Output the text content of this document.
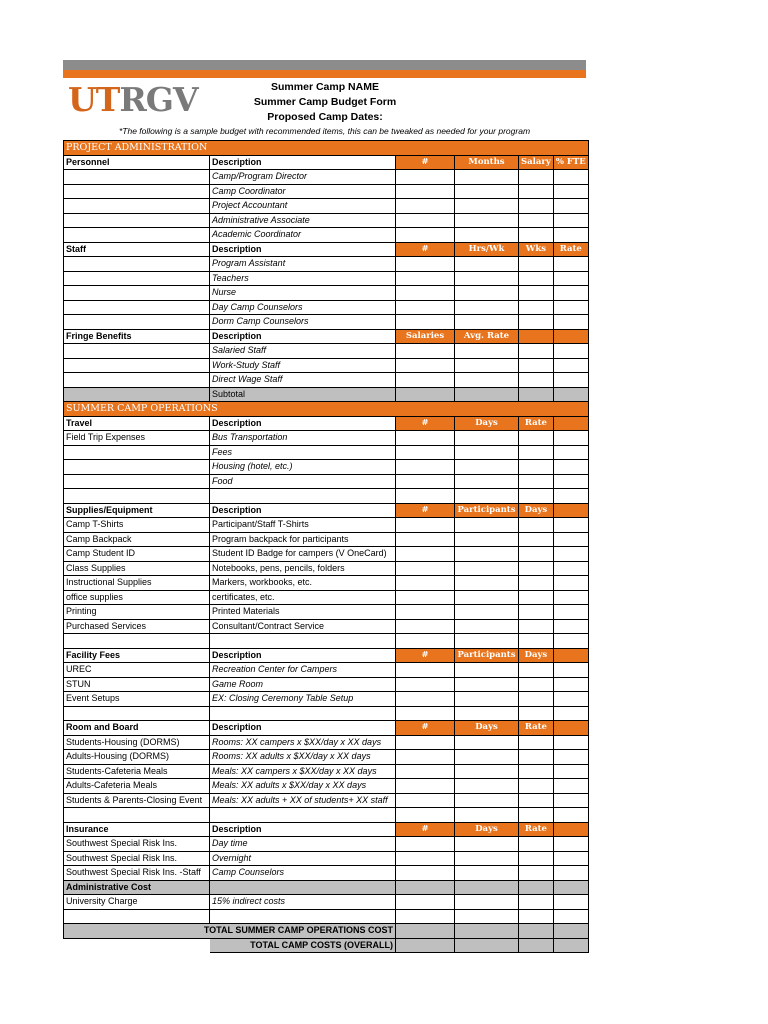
UTRGV	Summer Camp NAME
Summer Camp Budget Form
Proposed Camp Dates:
*The following is a sample budget with recommended items, this can be tweaked as needed for your program
PROJECT ADMINISTRATION					
Personnel	Description	#	Months	Salary	% FTE
	Camp/Program Director				
	Camp Coordinator				
	Project Accountant				
	Administrative Associate				
	Academic Coordinator				
Staff	Description	#	Hrs/Wk	Wks	Rate
	Program Assistant				
	Teachers				
	Nurse				
	Day Camp Counselors				
	Dorm Camp Counselors				
Fringe Benefits	Description	Salaries	Avg. Rate		
	Salaried Staff				
	Work-Study Staff				
	Direct Wage Staff				
	Subtotal				
SUMMER CAMP OPERATIONS					
Travel	Description	#	Days	Rate	
Field Trip Expenses	Bus Transportation				
	Fees				
	Housing (hotel, etc.)				
	Food				

Supplies/Equipment	Description	#	Participants	Days	
Camp T-Shirts	Participant/Staff T-Shirts				
Camp Backpack	Program backpack for participants				
Camp Student ID	Student ID Badge for campers (V OneCard)				
Class Supplies	Notebooks, pens, pencils, folders				
Instructional Supplies	Markers, workbooks, etc.				
office supplies	certificates, etc.				
Printing	Printed Materials				
Purchased Services	Consultant/Contract Service				

Facility Fees	Description	#	Participants	Days	
UREC	Recreation Center for Campers				
STUN	Game Room				
Event Setups	EX: Closing Ceremony Table Setup				

Room and Board	Description	#	Days	Rate	
Students-Housing (DORMS)	Rooms: XX campers x $XX/day x XX days				
Adults-Housing (DORMS)	Rooms: XX adults x $XX/day x XX days				
Students-Cafeteria Meals	Meals: XX campers x $XX/day x XX days				
Adults-Cafeteria Meals	Meals: XX adults x $XX/day x XX days				
Students & Parents-Closing Event	Meals: XX adults + XX of students+ XX staff				

Insurance	Description	#	Days	Rate	
Southwest Special Risk Ins.	Day time				
Southwest Special Risk Ins.	Overnight				
Southwest Special Risk Ins. -Staff	Camp Counselors				
Administrative Cost					
University Charge	15% indirect costs				

TOTAL SUMMER CAMP OPERATIONS COST					
	TOTAL CAMP COSTS (OVERALL)				
